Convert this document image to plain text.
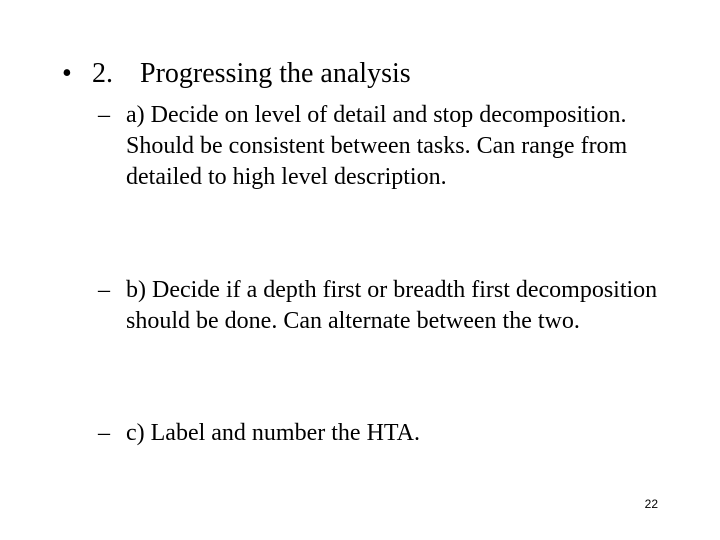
• 2. Progressing the analysis
– a) Decide on level of detail and stop decomposition. Should be consistent between tasks. Can range from detailed to high level description.
– b) Decide if a depth first or breadth first decomposition should be done. Can alternate between the two.
– c) Label and number the HTA.
22
